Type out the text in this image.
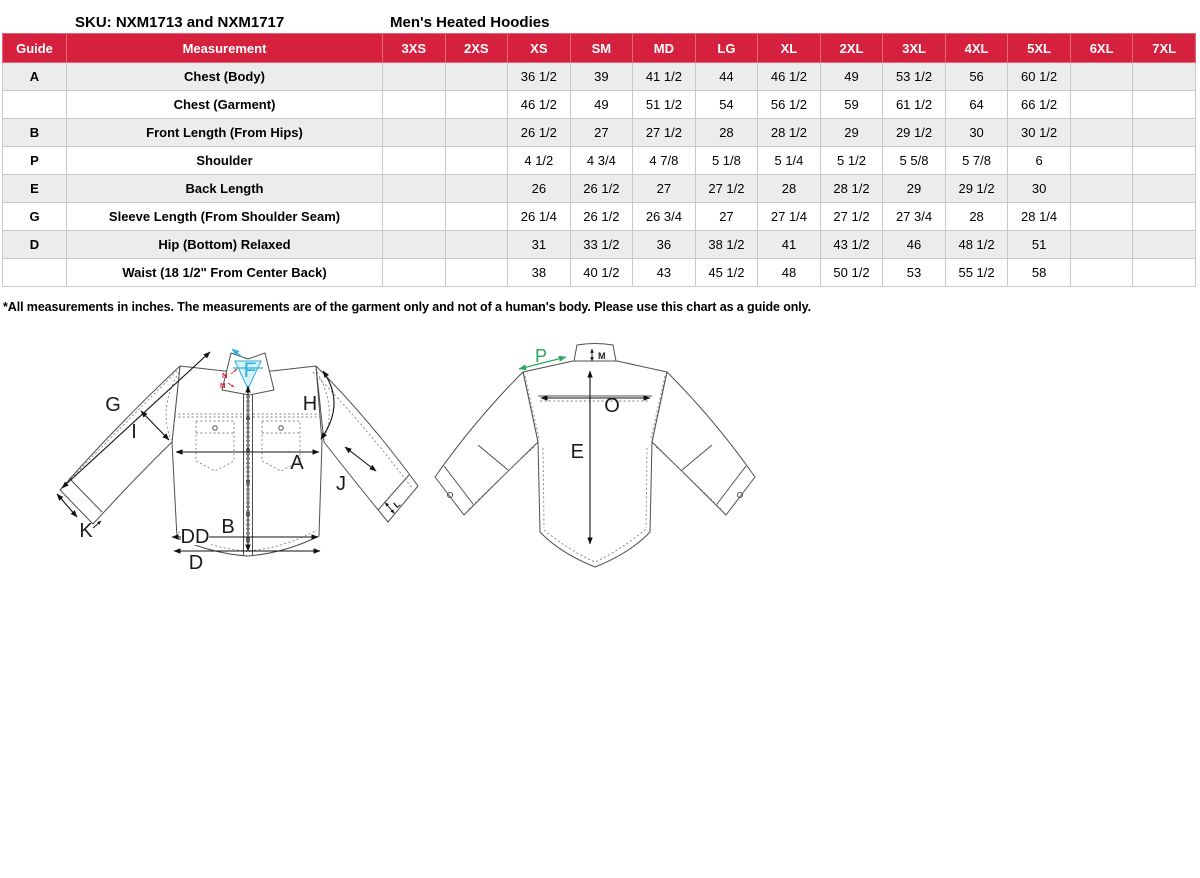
SKU: NXM1713 and NXM1717	Men's Heated Hoodies
Guide	Measurement	3XS	2XS	XS	SM	MD	LG	XL	2XL	3XL	4XL	5XL	6XL	7XL
A	Chest (Body)			36 1/2	39	41 1/2	44	46 1/2	49	53 1/2	56	60 1/2		
	Chest (Garment)			46 1/2	49	51 1/2	54	56 1/2	59	61 1/2	64	66 1/2		
B	Front Length (From Hips)			26 1/2	27	27 1/2	28	28 1/2	29	29 1/2	30	30 1/2		
P	Shoulder			4 1/2	4 3/4	4 7/8	5 1/8	5 1/4	5 1/2	5 5/8	5 7/8	6		
E	Back Length			26	26 1/2	27	27 1/2	28	28 1/2	29	29 1/2	30		
G	Sleeve Length (From Shoulder Seam)			26 1/4	26 1/2	26 3/4	27	27 1/4	27 1/2	27 3/4	28	28 1/4		
D	Hip (Bottom) Relaxed			31	33 1/2	36	38 1/2	41	43 1/2	46	48 1/2	51		
	Waist (18 1/2" From Center Back)			38	40 1/2	43	45 1/2	48	50 1/2	53	55 1/2	58		
*All measurements in inches. The measurements are of the garment only and not of a human's body. Please use this chart as a guide only.
L
F
G
I
H
A
J
B
K	DD
D
N
N
P	M
O
E
